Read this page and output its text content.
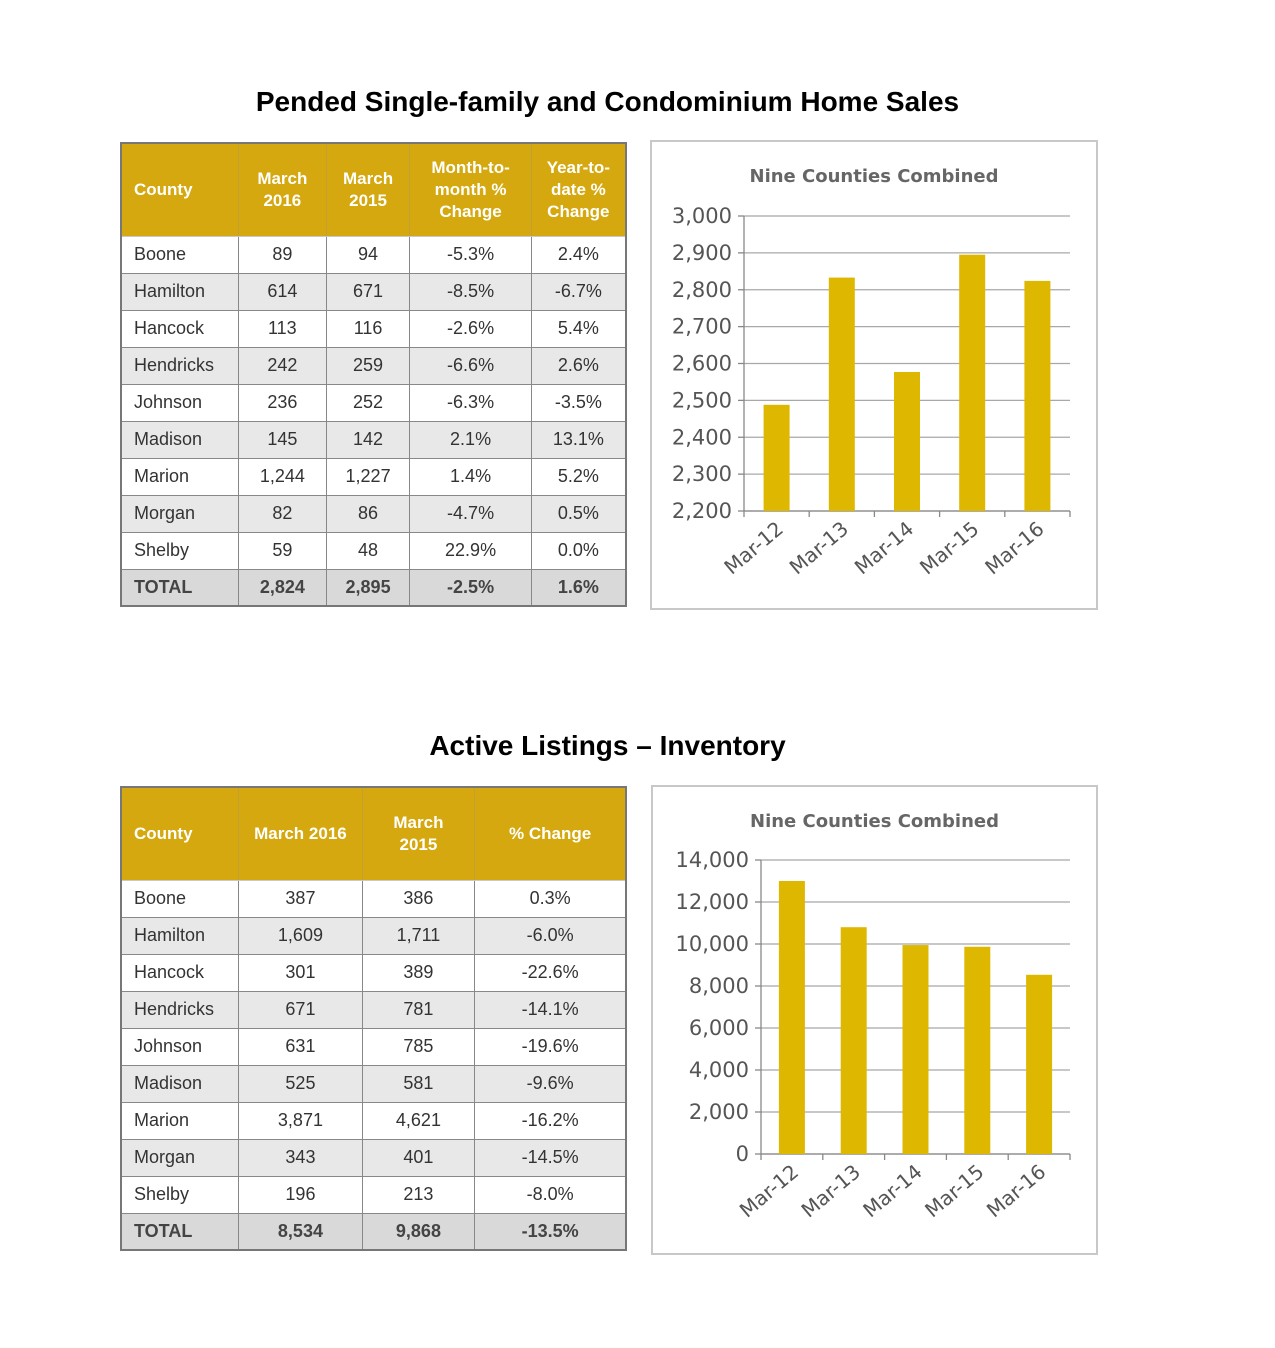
Pended Single-family and Condominium Home Sales
County	March 2016	March 2015	Month-to-month % Change	Year-to-date % Change
Boone	89	94	-5.3%	2.4%
Hamilton	614	671	-8.5%	-6.7%
Hancock	113	116	-2.6%	5.4%
Hendricks	242	259	-6.6%	2.6%
Johnson	236	252	-6.3%	-3.5%
Madison	145	142	2.1%	13.1%
Marion	1,244	1,227	1.4%	5.2%
Morgan	82	86	-4.7%	0.5%
Shelby	59	48	22.9%	0.0%
TOTAL	2,824	2,895	-2.5%	1.6%
Nine Counties Combined
2,200
2,300
2,400
2,500
2,600
2,700
2,800
2,900
3,000
Mar-12
Mar-13
Mar-14
Mar-15
Mar-16
Active Listings – Inventory
County	March 2016	March 2015	% Change
Boone	387	386	0.3%
Hamilton	1,609	1,711	-6.0%
Hancock	301	389	-22.6%
Hendricks	671	781	-14.1%
Johnson	631	785	-19.6%
Madison	525	581	-9.6%
Marion	3,871	4,621	-16.2%
Morgan	343	401	-14.5%
Shelby	196	213	-8.0%
TOTAL	8,534	9,868	-13.5%
Nine Counties Combined
0
2,000
4,000
6,000
8,000
10,000
12,000
14,000
Mar-12
Mar-13
Mar-14
Mar-15
Mar-16
